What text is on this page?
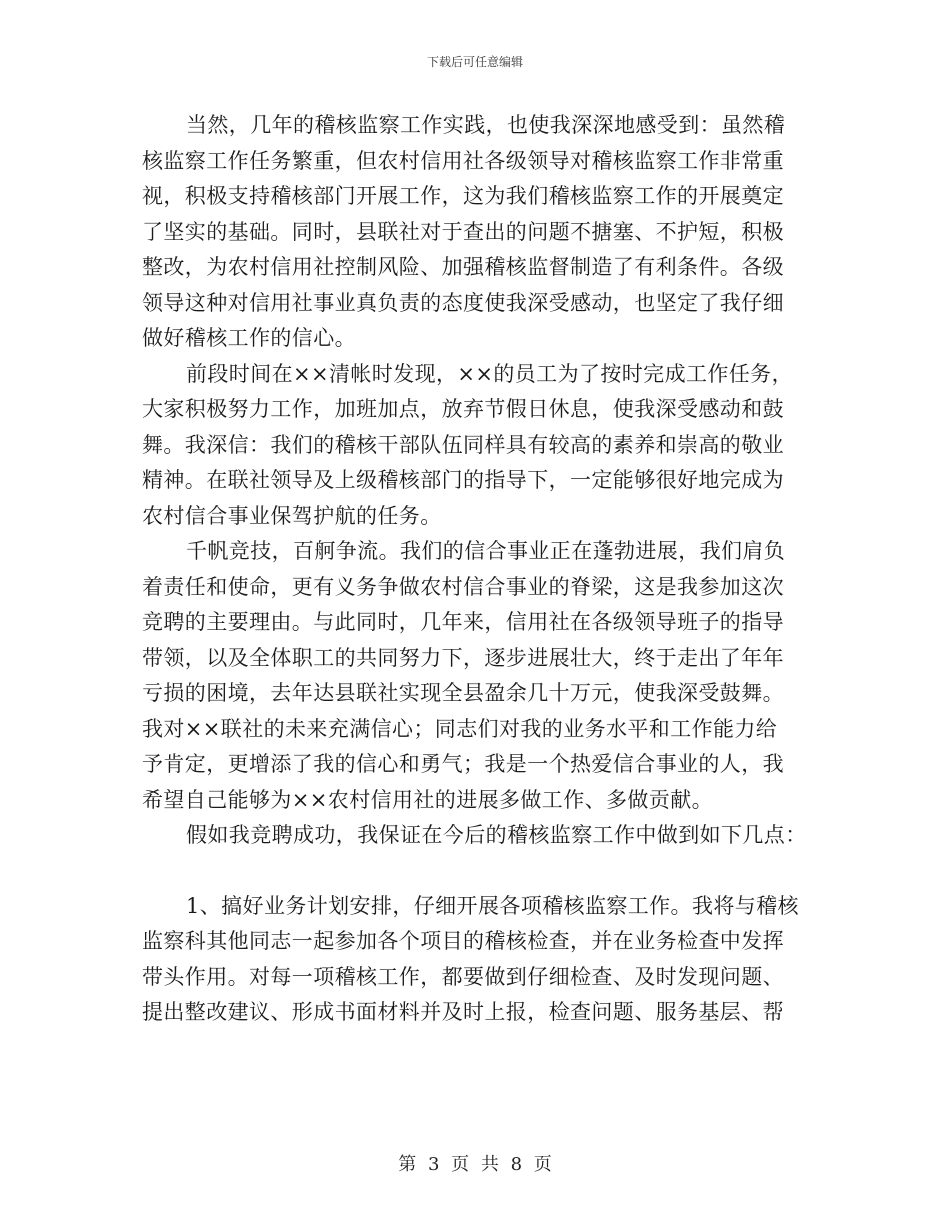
下载后可任意编辑
当然，几年的稽核监察工作实践，也使我深深地感受到：虽然稽
核监察工作任务繁重，但农村信用社各级领导对稽核监察工作非常重
视，积极支持稽核部门开展工作，这为我们稽核监察工作的开展奠定
了坚实的基础。同时，县联社对于查出的问题不搪塞、不护短，积极
整改，为农村信用社控制风险、加强稽核监督制造了有利条件。各级
领导这种对信用社事业真负责的态度使我深受感动，也坚定了我仔细
做好稽核工作的信心。
前段时间在××清帐时发现，××的员工为了按时完成工作任务，
大家积极努力工作，加班加点，放弃节假日休息，使我深受感动和鼓
舞。我深信：我们的稽核干部队伍同样具有较高的素养和崇高的敬业
精神。在联社领导及上级稽核部门的指导下，一定能够很好地完成为
农村信合事业保驾护航的任务。
千帆竞技，百舸争流。我们的信合事业正在蓬勃进展，我们肩负
着责任和使命，更有义务争做农村信合事业的脊梁，这是我参加这次
竞聘的主要理由。与此同时，几年来，信用社在各级领导班子的指导
带领，以及全体职工的共同努力下，逐步进展壮大，终于走出了年年
亏损的困境，去年达县联社实现全县盈余几十万元，使我深受鼓舞。
我对××联社的未来充满信心；同志们对我的业务水平和工作能力给
予肯定，更增添了我的信心和勇气；我是一个热爱信合事业的人，我
希望自己能够为××农村信用社的进展多做工作、多做贡献。
假如我竞聘成功，我保证在今后的稽核监察工作中做到如下几点：
1、搞好业务计划安排，仔细开展各项稽核监察工作。我将与稽核
监察科其他同志一起参加各个项目的稽核检查，并在业务检查中发挥
带头作用。对每一项稽核工作，都要做到仔细检查、及时发现问题、
提出整改建议、形成书面材料并及时上报，检查问题、服务基层、帮
第 3 页 共 8 页
